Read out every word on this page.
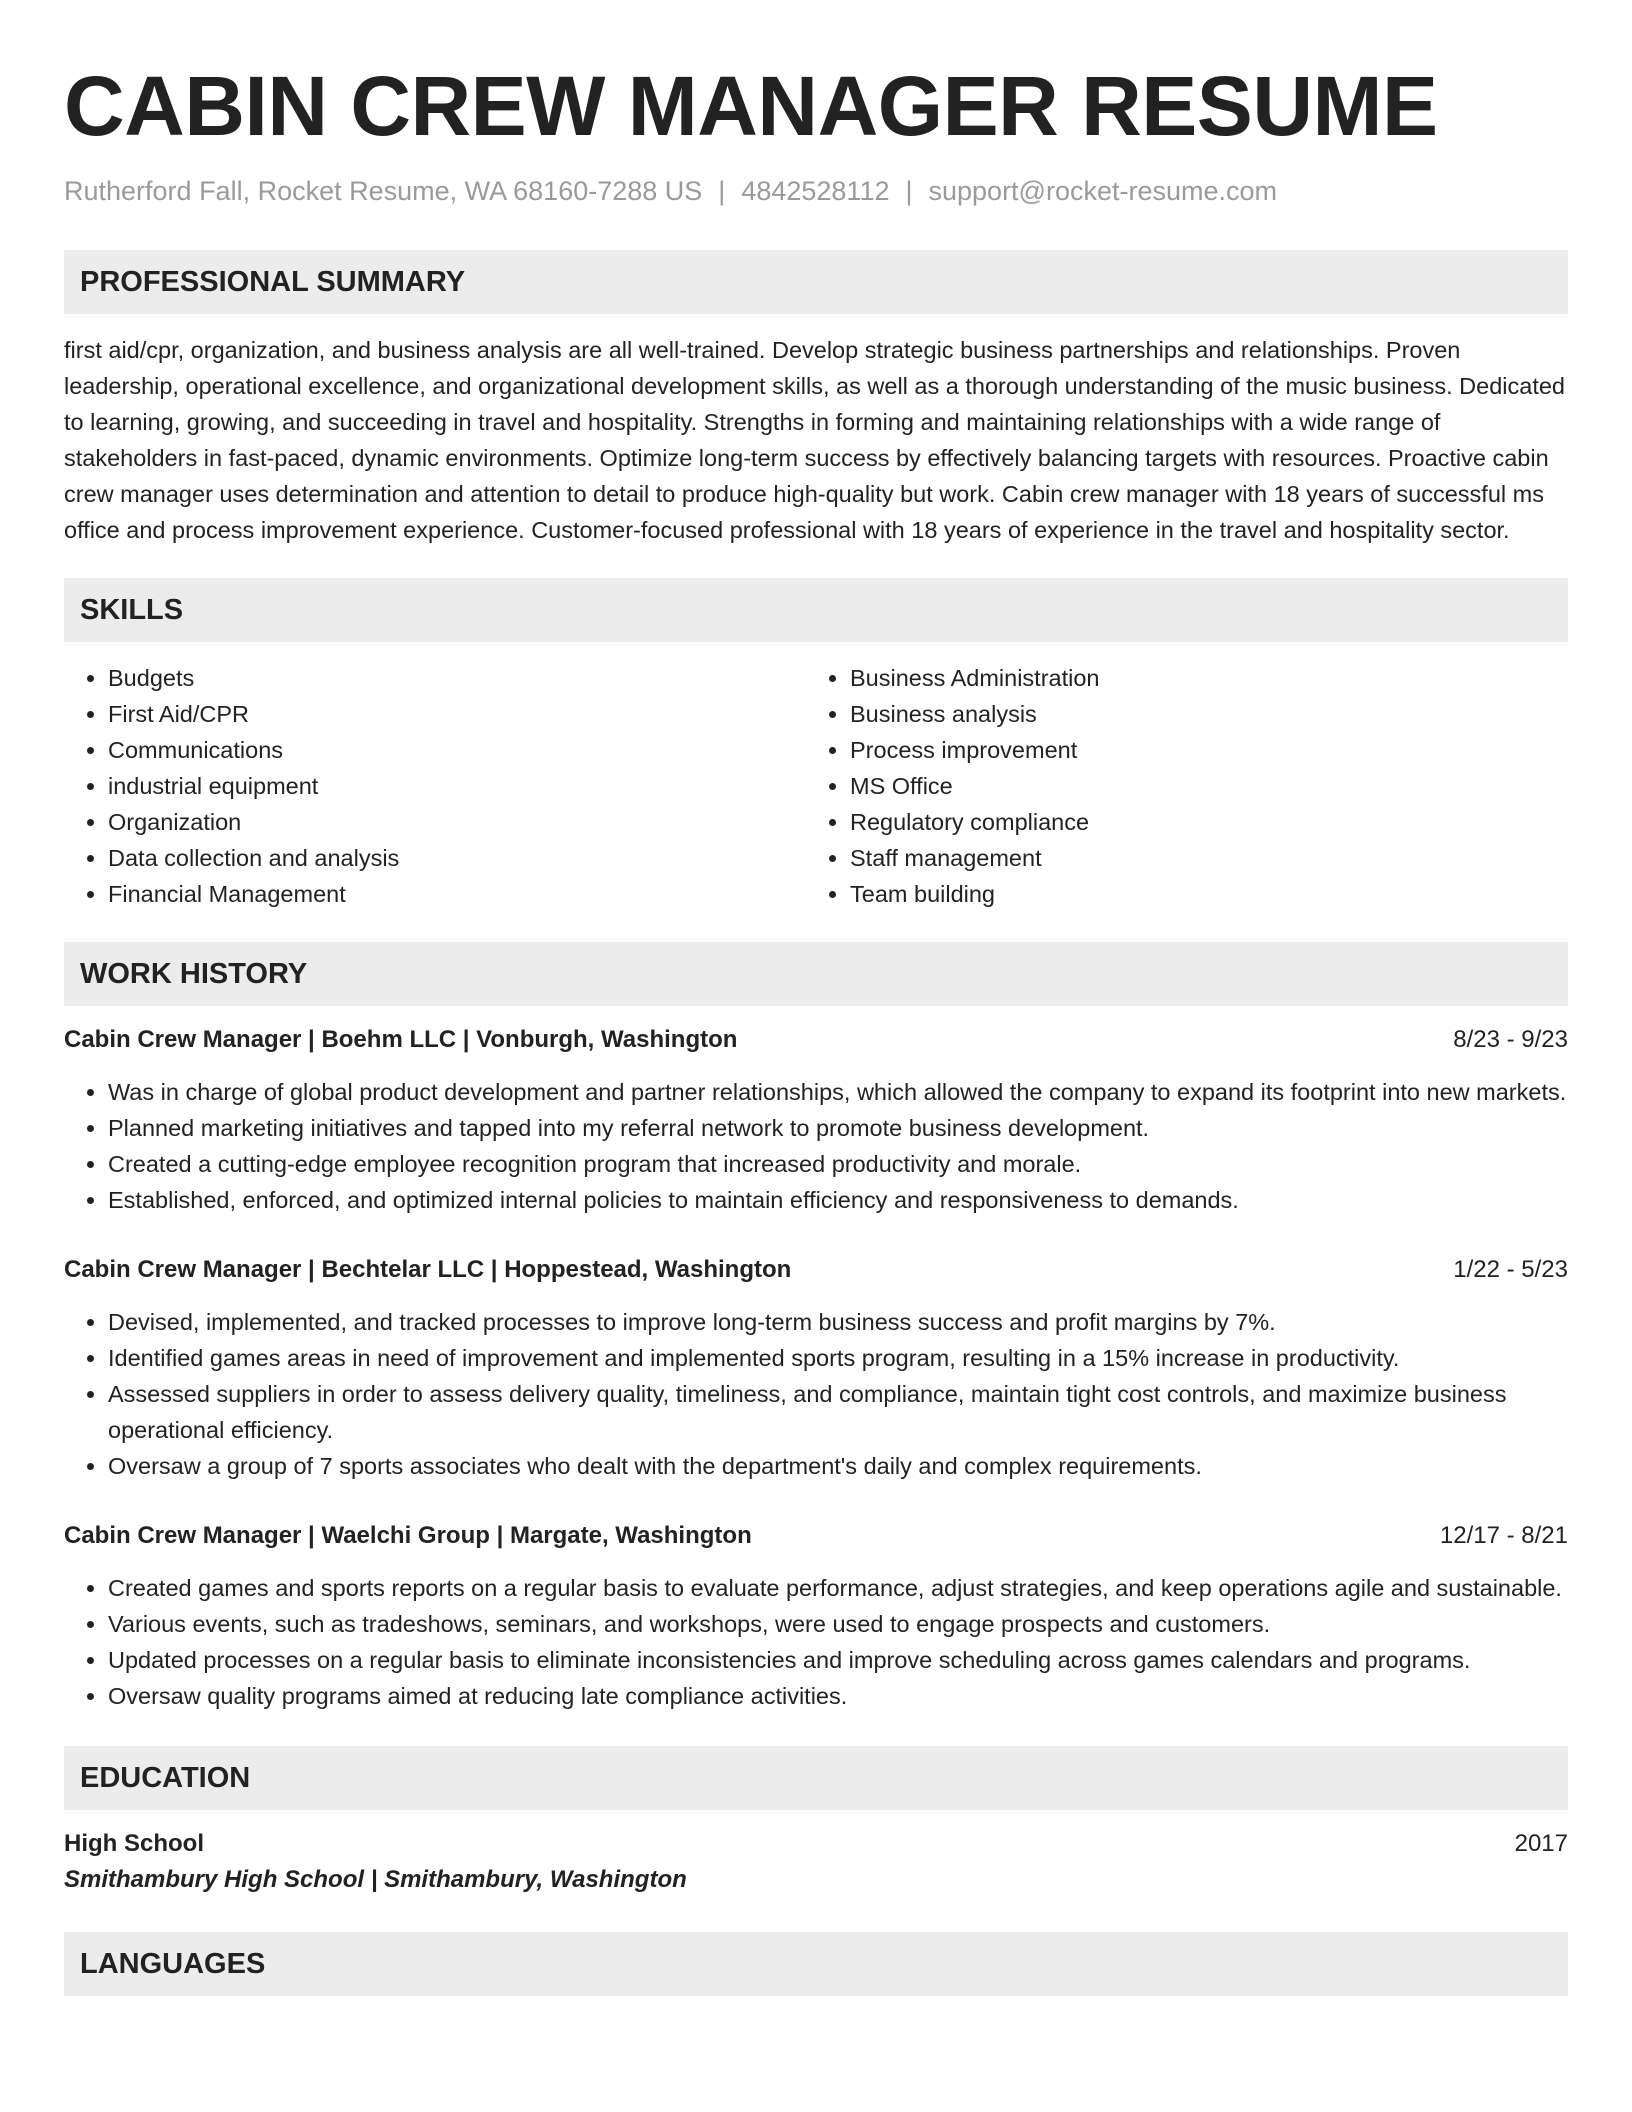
CABIN CREW MANAGER RESUME
Rutherford Fall, Rocket Resume, WA 68160-7288 US | 4842528112 | support@rocket-resume.com
PROFESSIONAL SUMMARY

first aid/cpr, organization, and business analysis are all well-trained. Develop strategic business partnerships and relationships. Proven leadership, operational excellence, and organizational development skills, as well as a thorough understanding of the music business. Dedicated to learning, growing, and succeeding in travel and hospitality. Strengths in forming and maintaining relationships with a wide range of stakeholders in fast-paced, dynamic environments. Optimize long-term success by effectively balancing targets with resources. Proactive cabin crew manager uses determination and attention to detail to produce high-quality but work. Cabin crew manager with 18 years of successful ms office and process improvement experience. Customer-focused professional with 18 years of experience in the travel and hospitality sector.

SKILLS
• Budgets
• First Aid/CPR
• Communications
• industrial equipment
• Organization
• Data collection and analysis
• Financial Management
• Business Administration
• Business analysis
• Process improvement
• MS Office
• Regulatory compliance
• Staff management
• Team building
WORK HISTORY
Cabin Crew Manager | Boehm LLC | Vonburgh, Washington	8/23 - 9/23
• Was in charge of global product development and partner relationships, which allowed the company to expand its footprint into new markets.
• Planned marketing initiatives and tapped into my referral network to promote business development.
• Created a cutting-edge employee recognition program that increased productivity and morale.
• Established, enforced, and optimized internal policies to maintain efficiency and responsiveness to demands.
Cabin Crew Manager | Bechtelar LLC | Hoppestead, Washington	1/22 - 5/23
• Devised, implemented, and tracked processes to improve long-term business success and profit margins by 7%.
• Identified games areas in need of improvement and implemented sports program, resulting in a 15% increase in productivity.
• Assessed suppliers in order to assess delivery quality, timeliness, and compliance, maintain tight cost controls, and maximize business operational efficiency.
• Oversaw a group of 7 sports associates who dealt with the department's daily and complex requirements.
Cabin Crew Manager | Waelchi Group | Margate, Washington	12/17 - 8/21
• Created games and sports reports on a regular basis to evaluate performance, adjust strategies, and keep operations agile and sustainable.
• Various events, such as tradeshows, seminars, and workshops, were used to engage prospects and customers.
• Updated processes on a regular basis to eliminate inconsistencies and improve scheduling across games calendars and programs.
• Oversaw quality programs aimed at reducing late compliance activities.
EDUCATION
High School	2017
Smithambury High School | Smithambury, Washington
LANGUAGES
